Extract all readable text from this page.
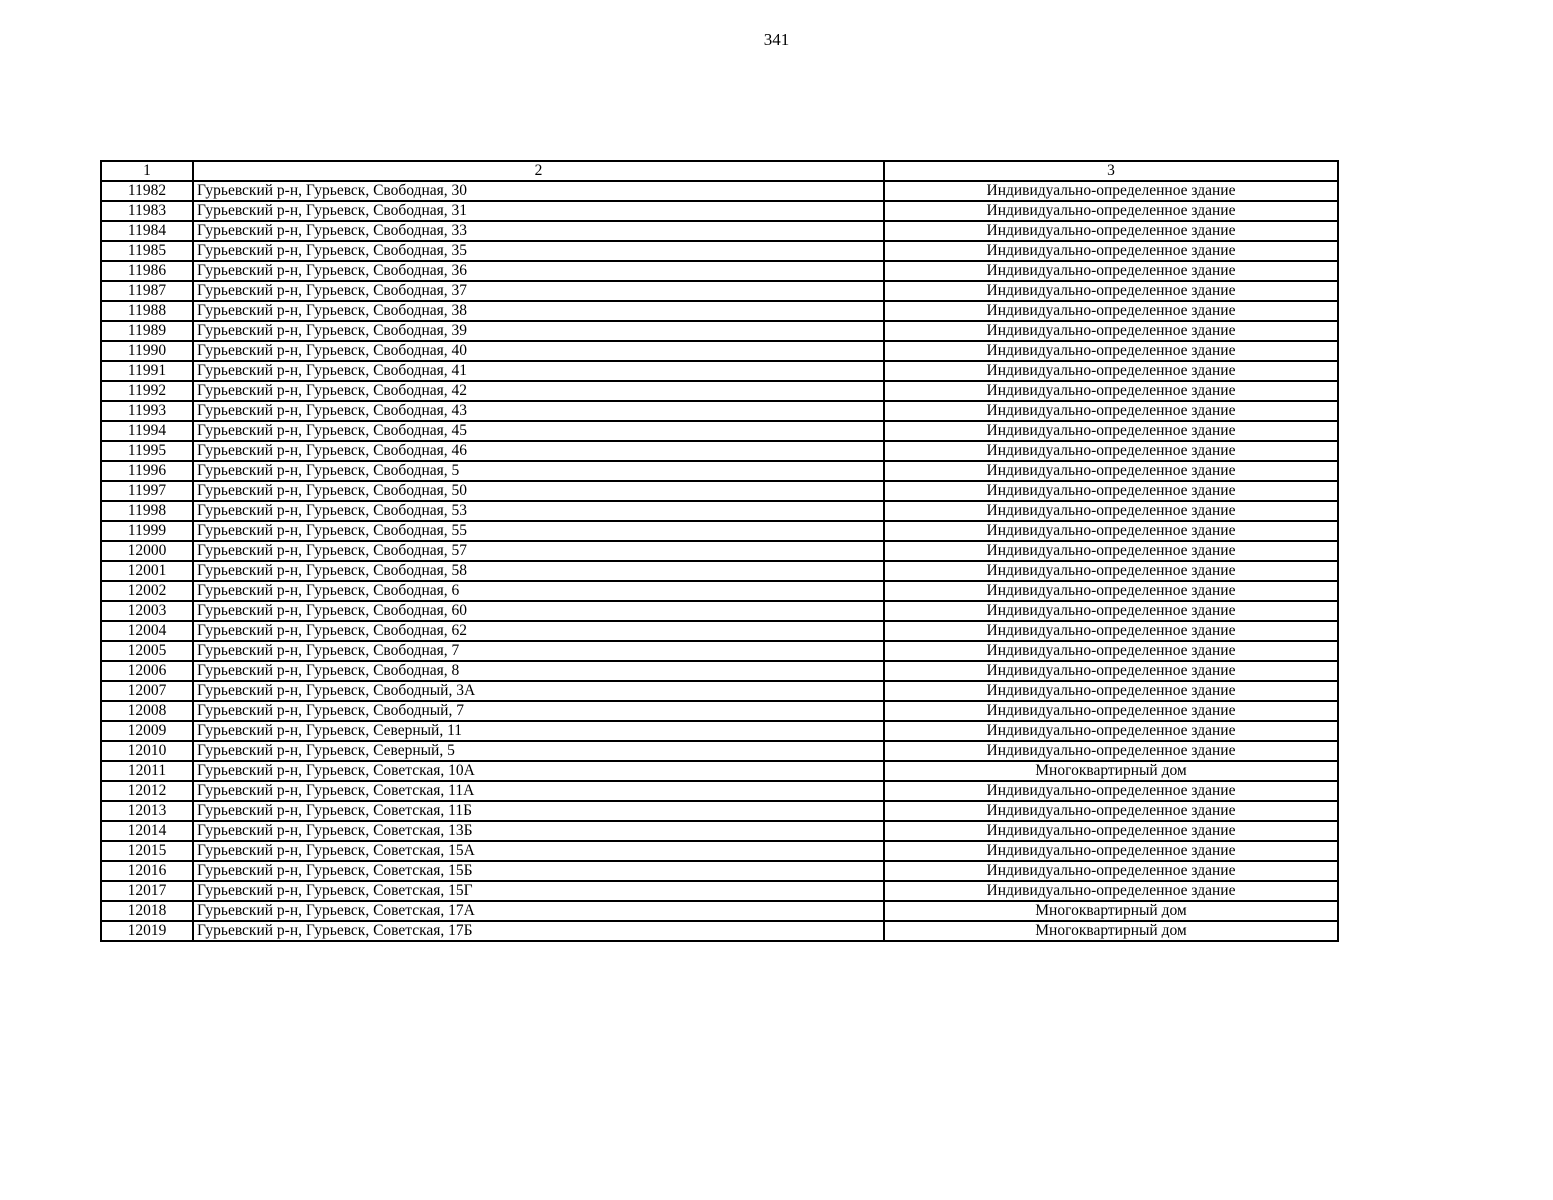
341
1	2	3
11982	Гурьевский р-н, Гурьевск, Свободная, 30	Индивидуально-определенное здание
11983	Гурьевский р-н, Гурьевск, Свободная, 31	Индивидуально-определенное здание
11984	Гурьевский р-н, Гурьевск, Свободная, 33	Индивидуально-определенное здание
11985	Гурьевский р-н, Гурьевск, Свободная, 35	Индивидуально-определенное здание
11986	Гурьевский р-н, Гурьевск, Свободная, 36	Индивидуально-определенное здание
11987	Гурьевский р-н, Гурьевск, Свободная, 37	Индивидуально-определенное здание
11988	Гурьевский р-н, Гурьевск, Свободная, 38	Индивидуально-определенное здание
11989	Гурьевский р-н, Гурьевск, Свободная, 39	Индивидуально-определенное здание
11990	Гурьевский р-н, Гурьевск, Свободная, 40	Индивидуально-определенное здание
11991	Гурьевский р-н, Гурьевск, Свободная, 41	Индивидуально-определенное здание
11992	Гурьевский р-н, Гурьевск, Свободная, 42	Индивидуально-определенное здание
11993	Гурьевский р-н, Гурьевск, Свободная, 43	Индивидуально-определенное здание
11994	Гурьевский р-н, Гурьевск, Свободная, 45	Индивидуально-определенное здание
11995	Гурьевский р-н, Гурьевск, Свободная, 46	Индивидуально-определенное здание
11996	Гурьевский р-н, Гурьевск, Свободная, 5	Индивидуально-определенное здание
11997	Гурьевский р-н, Гурьевск, Свободная, 50	Индивидуально-определенное здание
11998	Гурьевский р-н, Гурьевск, Свободная, 53	Индивидуально-определенное здание
11999	Гурьевский р-н, Гурьевск, Свободная, 55	Индивидуально-определенное здание
12000	Гурьевский р-н, Гурьевск, Свободная, 57	Индивидуально-определенное здание
12001	Гурьевский р-н, Гурьевск, Свободная, 58	Индивидуально-определенное здание
12002	Гурьевский р-н, Гурьевск, Свободная, 6	Индивидуально-определенное здание
12003	Гурьевский р-н, Гурьевск, Свободная, 60	Индивидуально-определенное здание
12004	Гурьевский р-н, Гурьевск, Свободная, 62	Индивидуально-определенное здание
12005	Гурьевский р-н, Гурьевск, Свободная, 7	Индивидуально-определенное здание
12006	Гурьевский р-н, Гурьевск, Свободная, 8	Индивидуально-определенное здание
12007	Гурьевский р-н, Гурьевск, Свободный, 3А	Индивидуально-определенное здание
12008	Гурьевский р-н, Гурьевск, Свободный, 7	Индивидуально-определенное здание
12009	Гурьевский р-н, Гурьевск, Северный, 11	Индивидуально-определенное здание
12010	Гурьевский р-н, Гурьевск, Северный, 5	Индивидуально-определенное здание
12011	Гурьевский р-н, Гурьевск, Советская, 10А	Многоквартирный дом
12012	Гурьевский р-н, Гурьевск, Советская, 11А	Индивидуально-определенное здание
12013	Гурьевский р-н, Гурьевск, Советская, 11Б	Индивидуально-определенное здание
12014	Гурьевский р-н, Гурьевск, Советская, 13Б	Индивидуально-определенное здание
12015	Гурьевский р-н, Гурьевск, Советская, 15А	Индивидуально-определенное здание
12016	Гурьевский р-н, Гурьевск, Советская, 15Б	Индивидуально-определенное здание
12017	Гурьевский р-н, Гурьевск, Советская, 15Г	Индивидуально-определенное здание
12018	Гурьевский р-н, Гурьевск, Советская, 17А	Многоквартирный дом
12019	Гурьевский р-н, Гурьевск, Советская, 17Б	Многоквартирный дом
